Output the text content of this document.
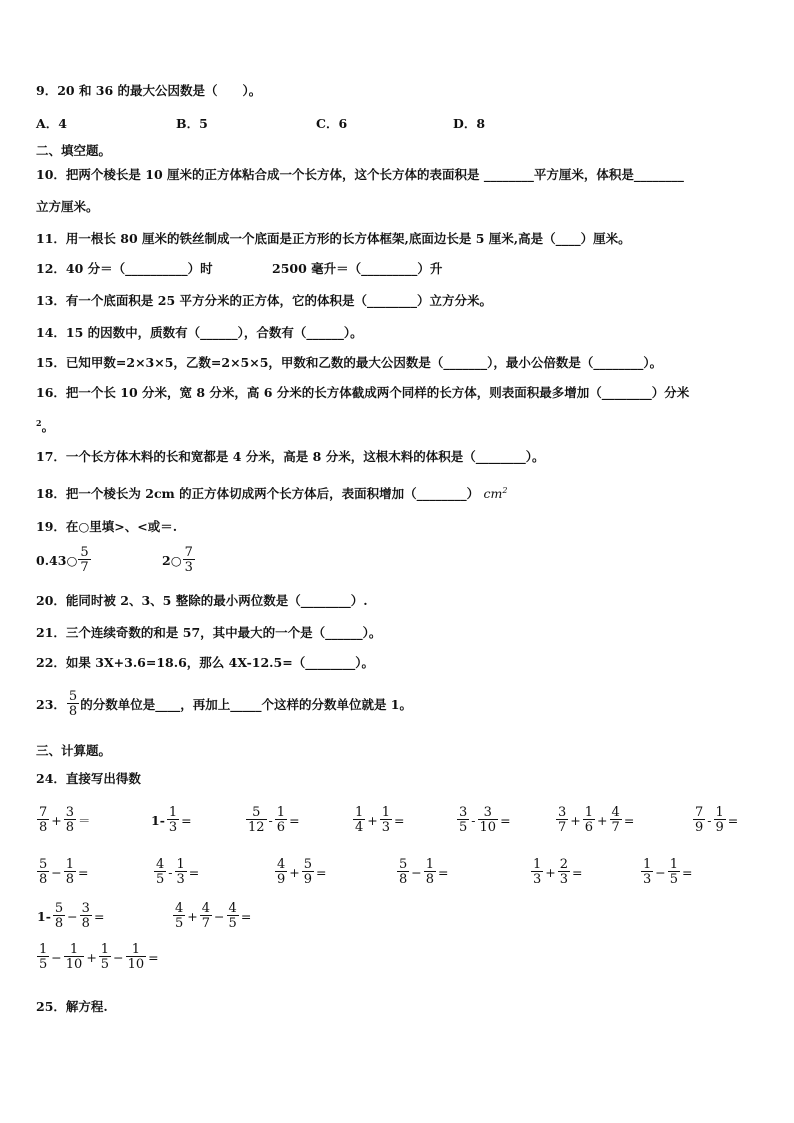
9．20 和 36 的最大公因数是（　　）。
A．4	B．5	C．6	D．8
二、填空题。
10．把两个棱长是 10 厘米的正方体粘合成一个长方体，这个长方体的表面积是 ________平方厘米，体积是________
立方厘米。
11．用一根长 80 厘米的铁丝制成一个底面是正方形的长方体框架,底面边长是 5 厘米,高是（____）厘米。
12．40 分＝（__________）时	2500 毫升＝（_________）升
13．有一个底面积是 25 平方分米的正方体，它的体积是（________）立方分米。
14．15 的因数中，质数有（______），合数有（______）。
15．已知甲数=2×3×5，乙数=2×5×5，甲数和乙数的最大公因数是（_______），最小公倍数是（________）。
16．把一个长 10 分米，宽 8 分米，高 6 分米的长方体截成两个同样的长方体，则表面积最多增加（________）分米
$^2$。
17．一个长方体木料的长和宽都是 4 分米，高是 8 分米，这根木料的体积是（________）。
18．把一个棱长为 2cm 的正方体切成两个长方体后，表面积增加（________） $cm^2$
19．在○里填>、<或＝.
0.43○ $\frac{5}{7}$	2○ $\frac{7}{3}$
20．能同时被 2、3、5 整除的最小两位数是（________）.
21．三个连续奇数的和是 57，其中最大的一个是（______）。
22．如果 3X+3.6=18.6，那么 4X-12.5=（________）。
23． $\frac{5}{8}$ 的分数单位是____，再加上_____个这样的分数单位就是 1。
三、计算题。
24．直接写出得数
$\frac{7}{8} + \frac{3}{8}$ ＝	$1- \frac{1}{3}$ =	$\frac{5}{12} - \frac{1}{6}$ =	$\frac{1}{4} + \frac{1}{3}$ =	$\frac{3}{5} - \frac{3}{10}$ =	$\frac{3}{7} + \frac{1}{6} + \frac{4}{7}$ =	$\frac{7}{9} - \frac{1}{9}$ =
$\frac{5}{8} - \frac{1}{8}$ =	$\frac{4}{5} - \frac{1}{3}$ =	$\frac{4}{9} + \frac{5}{9}$ =	$\frac{5}{8} - \frac{1}{8}$ =	$\frac{1}{3} + \frac{2}{3}$ =	$\frac{1}{3} - \frac{1}{5}$ =
$1- \frac{5}{8} - \frac{3}{8}$ =	$\frac{4}{5} + \frac{4}{7} - \frac{4}{5}$ =
$\frac{1}{5} - \frac{1}{10} + \frac{1}{5} - \frac{1}{10}$ =
25．解方程.
